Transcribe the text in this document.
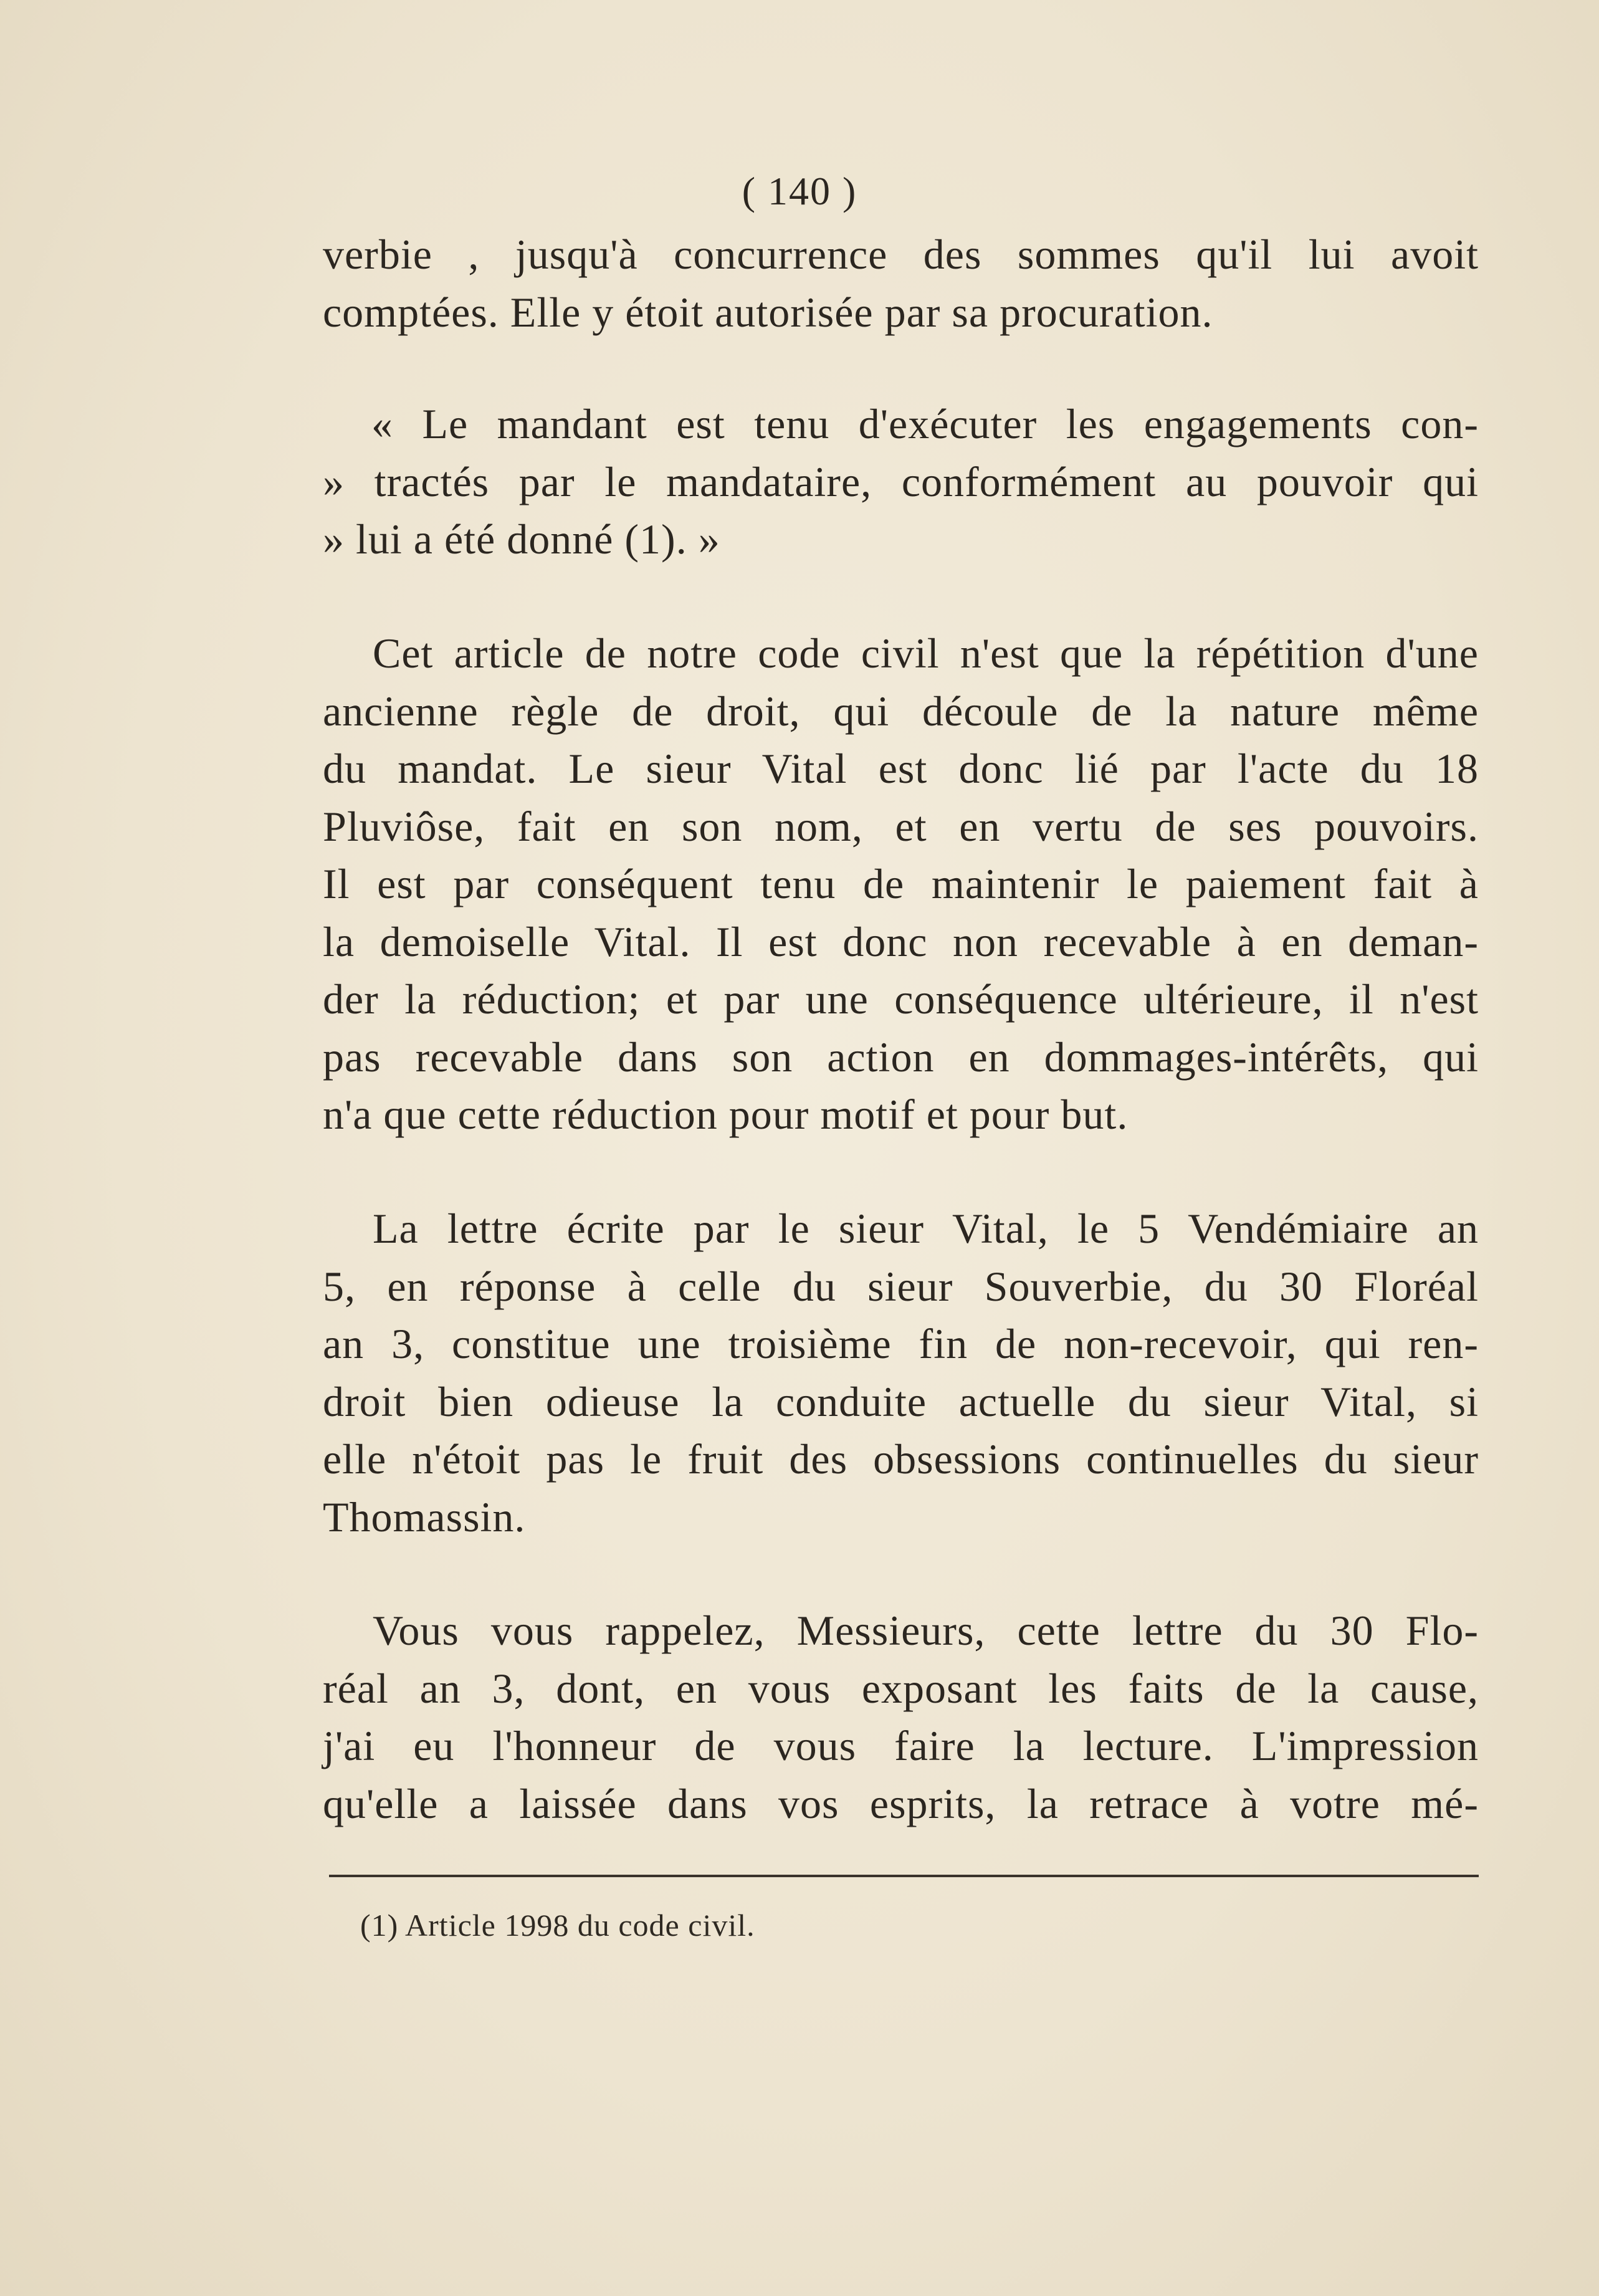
( 140 )
verbie , jusqu'à concurrence des sommes qu'il lui avoit
comptées. Elle y étoit autorisée par sa procuration.
« Le mandant est tenu d'exécuter les engagements con-
» tractés par le mandataire, conformément au pouvoir qui
» lui a été donné (1). »
Cet article de notre code civil n'est que la répétition d'une
ancienne règle de droit, qui découle de la nature même
du mandat. Le sieur Vital est donc lié par l'acte du 18
Pluviôse, fait en son nom, et en vertu de ses pouvoirs.
Il est par conséquent tenu de maintenir le paiement fait à
la demoiselle Vital. Il est donc non recevable à en deman-
der la réduction; et par une conséquence ultérieure, il n'est
pas recevable dans son action en dommages-intérêts, qui
n'a que cette réduction pour motif et pour but.
La lettre écrite par le sieur Vital, le 5 Vendémiaire an
5, en réponse à celle du sieur Souverbie, du 30 Floréal
an 3, constitue une troisième fin de non-recevoir, qui ren-
droit bien odieuse la conduite actuelle du sieur Vital, si
elle n'étoit pas le fruit des obsessions continuelles du sieur
Thomassin.
Vous vous rappelez, Messieurs, cette lettre du 30 Flo-
réal an 3, dont, en vous exposant les faits de la cause,
j'ai eu l'honneur de vous faire la lecture. L'impression
qu'elle a laissée dans vos esprits, la retrace à votre mé-
(1) Article 1998 du code civil.
